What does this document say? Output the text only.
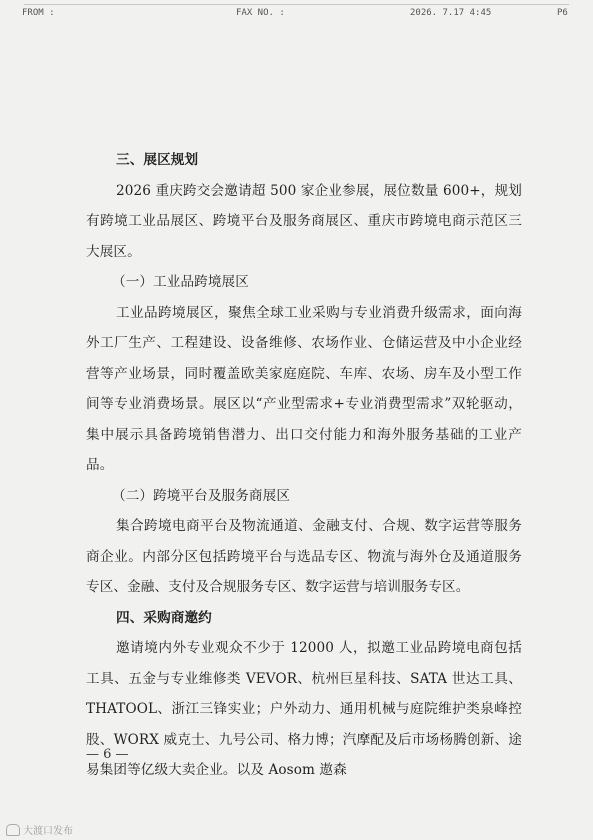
FROM :	FAX NO. :	2026. 7.17 4:45	P6

三、展区规划

2026 重庆跨交会邀请超 500 家企业参展，展位数量 600+，规划有跨境工业品展区、跨境平台及服务商展区、重庆市跨境电商示范区三大展区。

（一）工业品跨境展区

工业品跨境展区，聚焦全球工业采购与专业消费升级需求，面向海外工厂生产、工程建设、设备维修、农场作业、仓储运营及中小企业经营等产业场景，同时覆盖欧美家庭庭院、车库、农场、房车及小型工作间等专业消费场景。展区以“产业型需求+专业消费型需求”双轮驱动，集中展示具备跨境销售潜力、出口交付能力和海外服务基础的工业产品。

（二）跨境平台及服务商展区

集合跨境电商平台及物流通道、金融支付、合规、数字运营等服务商企业。内部分区包括跨境平台与选品专区、物流与海外仓及通道服务专区、金融、支付及合规服务专区、数字运营与培训服务专区。

四、采购商邀约

邀请境内外专业观众不少于 12000 人，拟邀工业品跨境电商包括工具、五金与专业维修类 VEVOR、杭州巨星科技、SATA 世达工具、THATOOL、浙江三锋实业；户外动力、通用机械与庭院维护类泉峰控股、WORX 威克士、九号公司、格力博；汽摩配及后市场杨腾创新、途易集团等亿级大卖企业。以及 Aosom 遨森

— 6 —
大渡口发布
